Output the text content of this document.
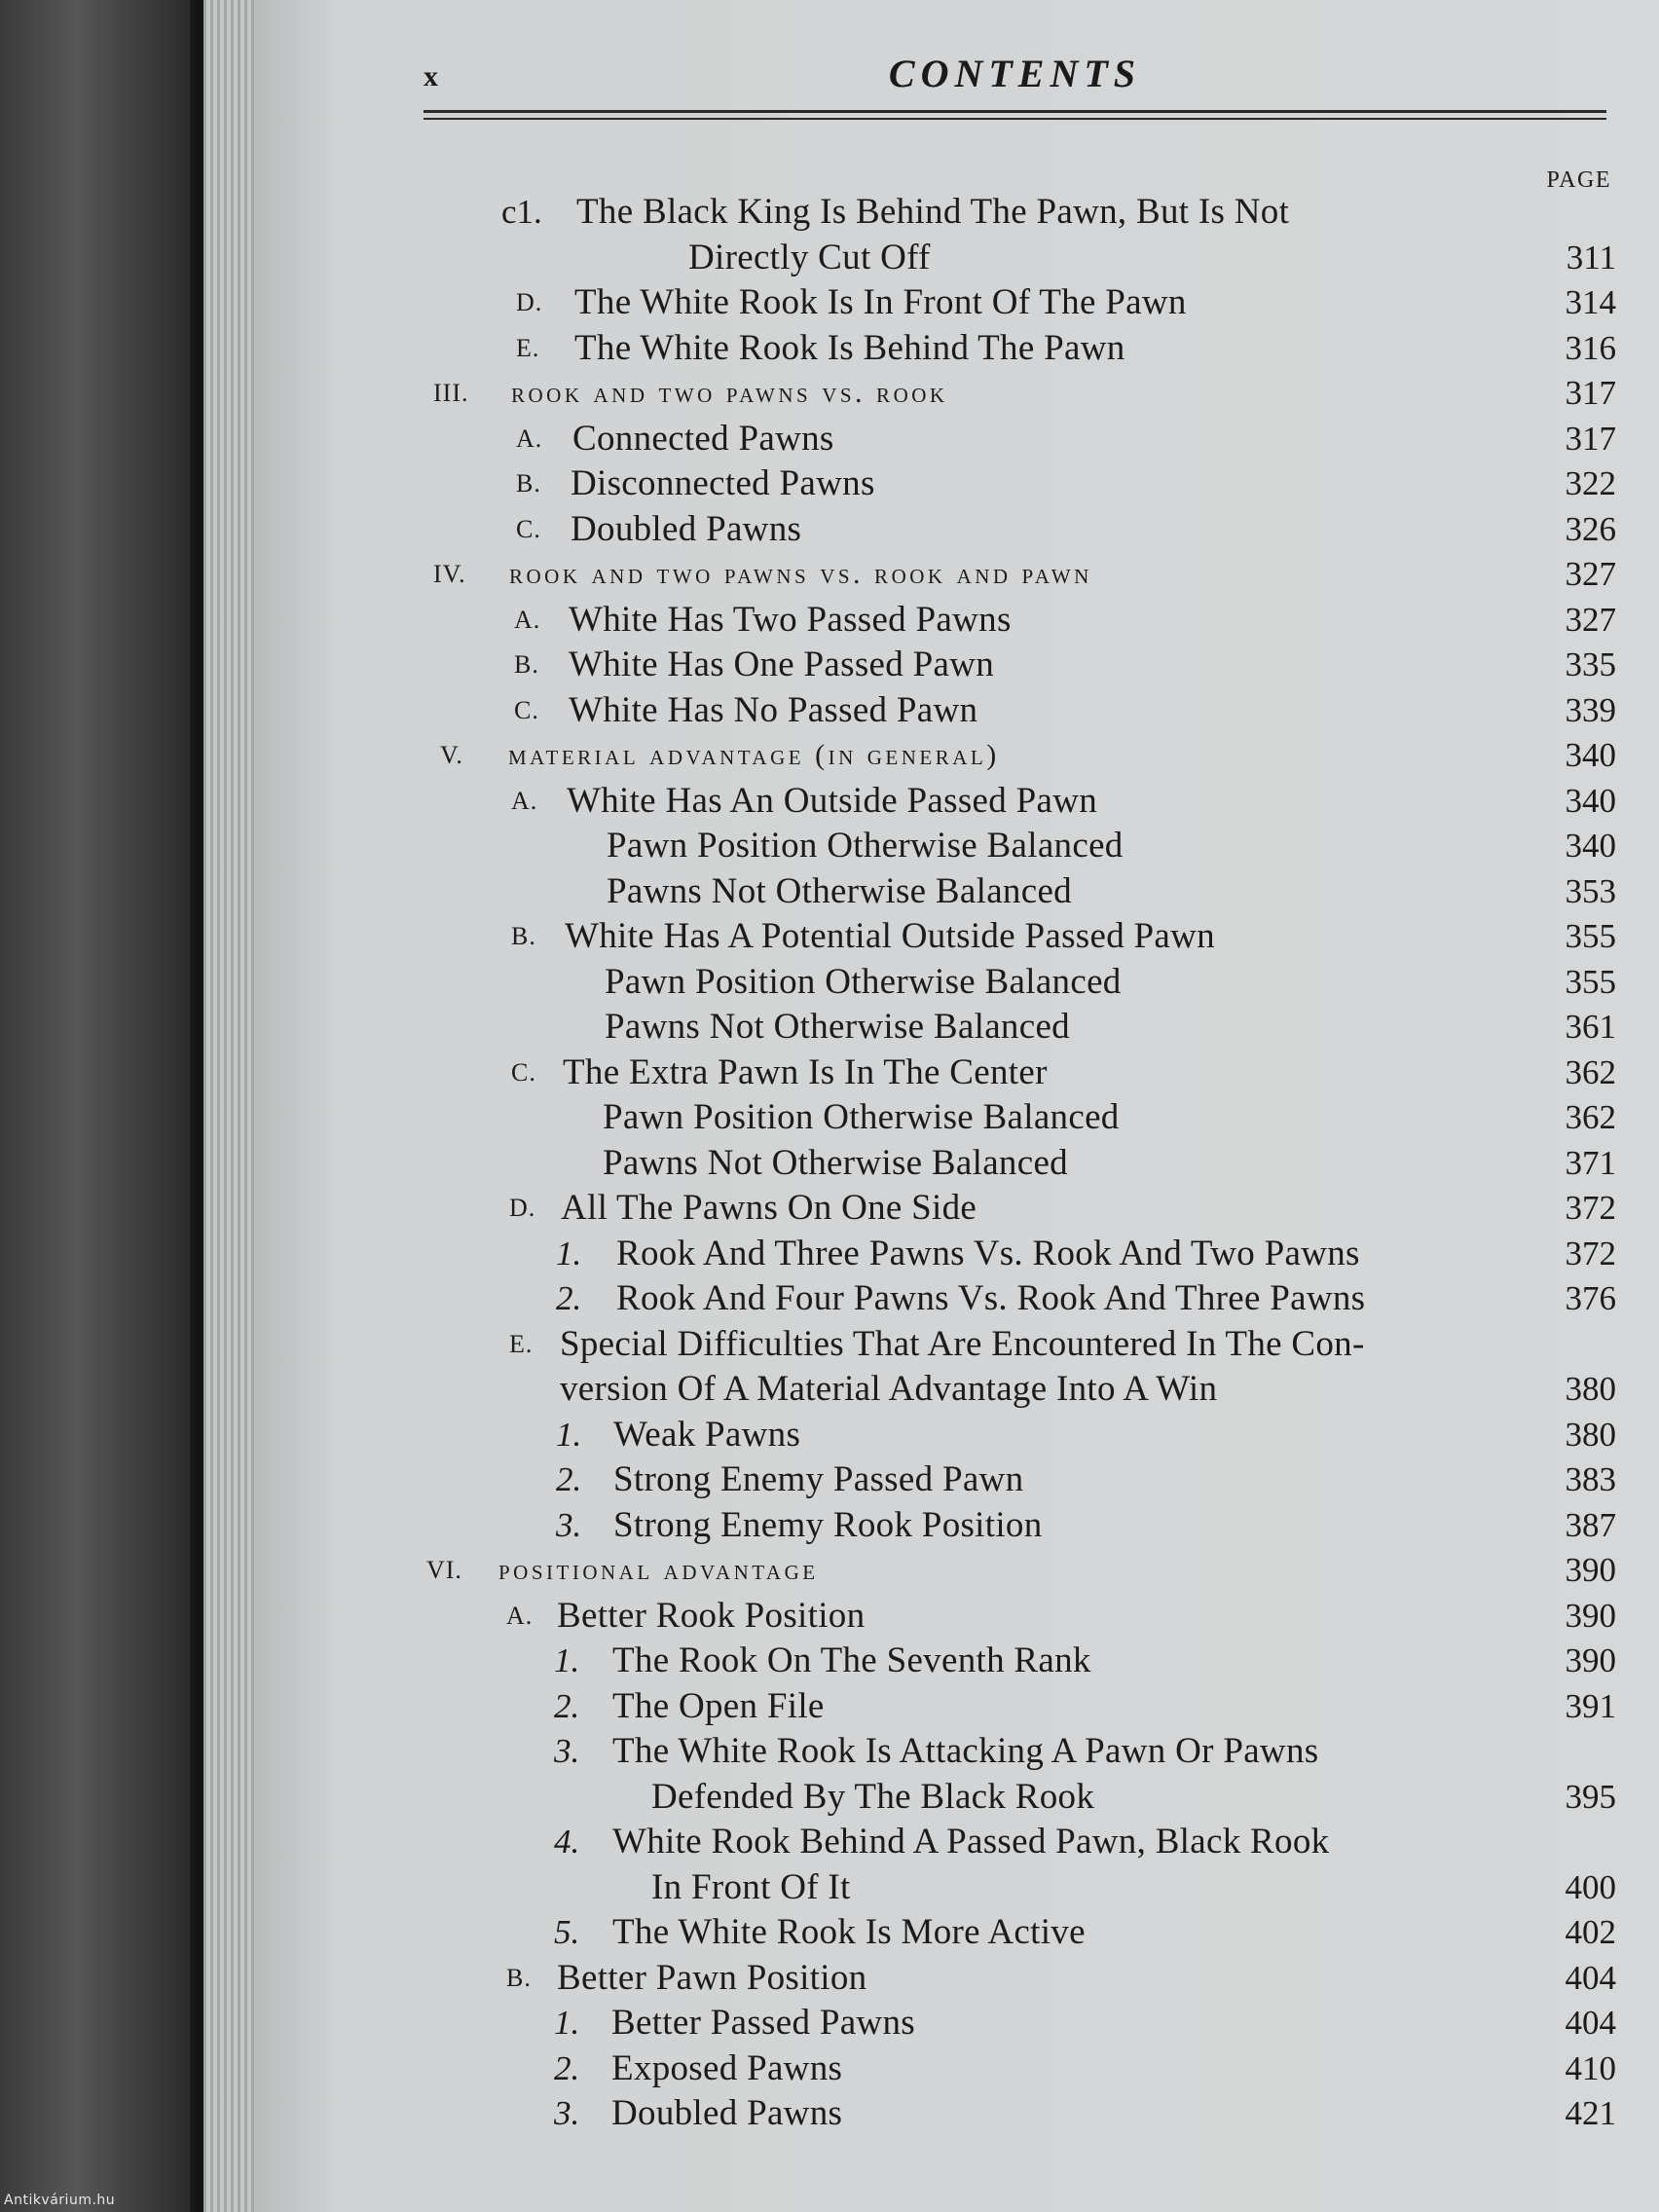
x	CONTENTS
PAGE
c1. The Black King Is Behind The Pawn, But Is Not
Directly Cut Off	311
D. The White Rook Is In Front Of The Pawn	314
E. The White Rook Is Behind The Pawn	316
III. rook and two pawns vs. rook	317
A. Connected Pawns	317
B. Disconnected Pawns	322
C. Doubled Pawns	326
IV. rook and two pawns vs. rook and pawn	327
A. White Has Two Passed Pawns	327
B. White Has One Passed Pawn	335
C. White Has No Passed Pawn	339
V. material advantage (in general)	340
A. White Has An Outside Passed Pawn	340
Pawn Position Otherwise Balanced	340
Pawns Not Otherwise Balanced	353
B. White Has A Potential Outside Passed Pawn	355
Pawn Position Otherwise Balanced	355
Pawns Not Otherwise Balanced	361
C. The Extra Pawn Is In The Center	362
Pawn Position Otherwise Balanced	362
Pawns Not Otherwise Balanced	371
D. All The Pawns On One Side	372
1. Rook And Three Pawns Vs. Rook And Two Pawns	372
2. Rook And Four Pawns Vs. Rook And Three Pawns	376
E. Special Difficulties That Are Encountered In The Con-
version Of A Material Advantage Into A Win	380
1. Weak Pawns	380
2. Strong Enemy Passed Pawn	383
3. Strong Enemy Rook Position	387
VI. positional advantage	390
A. Better Rook Position	390
1. The Rook On The Seventh Rank	390
2. The Open File	391
3. The White Rook Is Attacking A Pawn Or Pawns
Defended By The Black Rook	395
4. White Rook Behind A Passed Pawn, Black Rook
In Front Of It	400
5. The White Rook Is More Active	402
B. Better Pawn Position	404
1. Better Passed Pawns	404
2. Exposed Pawns	410
3. Doubled Pawns	421
Antikvárium.hu
